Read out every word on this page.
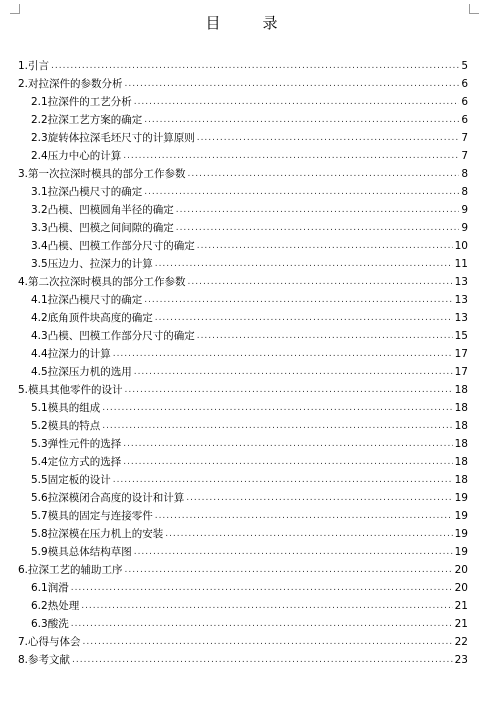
目 录
1.引言 .....	5
2.对拉深件的参数分析 .....	6
2.1拉深件的工艺分析 .....	6
2.2拉深工艺方案的确定 .....	6
2.3旋转体拉深毛坯尺寸的计算原则 .....	7
2.4压力中心的计算 .....	7
3.第一次拉深时模具的部分工作参数 .....	8
3.1拉深凸模尺寸的确定 .....	8
3.2凸模、凹模圆角半径的确定 .....	9
3.3凸模、凹模之间间隙的确定 .....	9
3.4凸模、凹模工作部分尺寸的确定 .....	10
3.5压边力、拉深力的计算 .....	11
4.第二次拉深时模具的部分工作参数 .....	13
4.1拉深凸模尺寸的确定 .....	13
4.2底角顶件块高度的确定 .....	13
4.3凸模、凹模工作部分尺寸的确定 .....	15
4.4拉深力的计算 .....	17
4.5拉深压力机的选用 .....	17
5.模具其他零件的设计 .....	18
5.1模具的组成 .....	18
5.2模具的特点 .....	18
5.3弹性元件的选择 .....	18
5.4定位方式的选择 .....	18
5.5固定板的设计 .....	18
5.6拉深模闭合高度的设计和计算 .....	19
5.7模具的固定与连接零件 .....	19
5.8拉深模在压力机上的安装 .....	19
5.9模具总体结构草图 .....	19
6.拉深工艺的辅助工序 .....	20
6.1润滑 .....	20
6.2热处理 .....	21
6.3酸洗 .....	21
7.心得与体会 .....	22
8.参考文献 .....	23
